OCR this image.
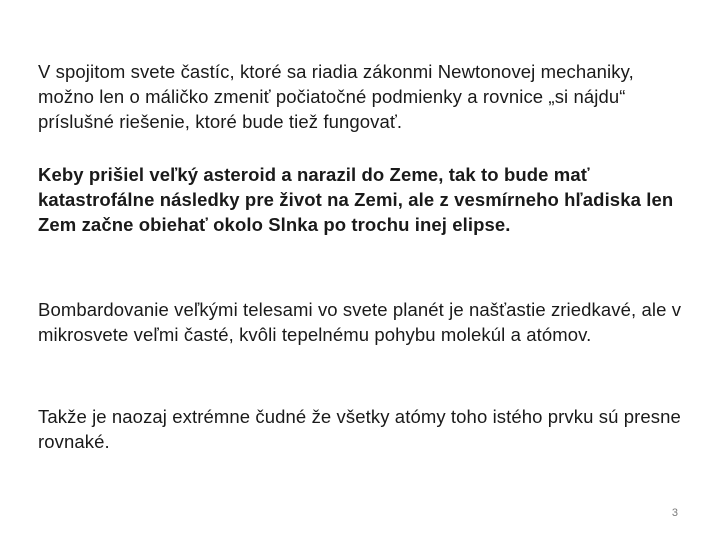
V spojitom svete častíc, ktoré sa riadia zákonmi Newtonovej mechaniky, možno len o máličko zmeniť počiatočné podmienky a rovnice „si nájdu“ príslušné riešenie, ktoré bude tiež fungovať.

Keby prišiel veľký asteroid a narazil do Zeme, tak to bude mať katastrofálne následky pre život na Zemi, ale z vesmírneho hľadiska len Zem začne obiehať okolo Slnka po trochu inej elipse.

Bombardovanie veľkými telesami vo svete planét je našťastie zriedkavé, ale v mikrosvete veľmi časté, kvôli tepelnému pohybu molekúl a atómov.

Takže je naozaj extrémne čudné že všetky atómy toho istého prvku sú presne rovnaké.

3
